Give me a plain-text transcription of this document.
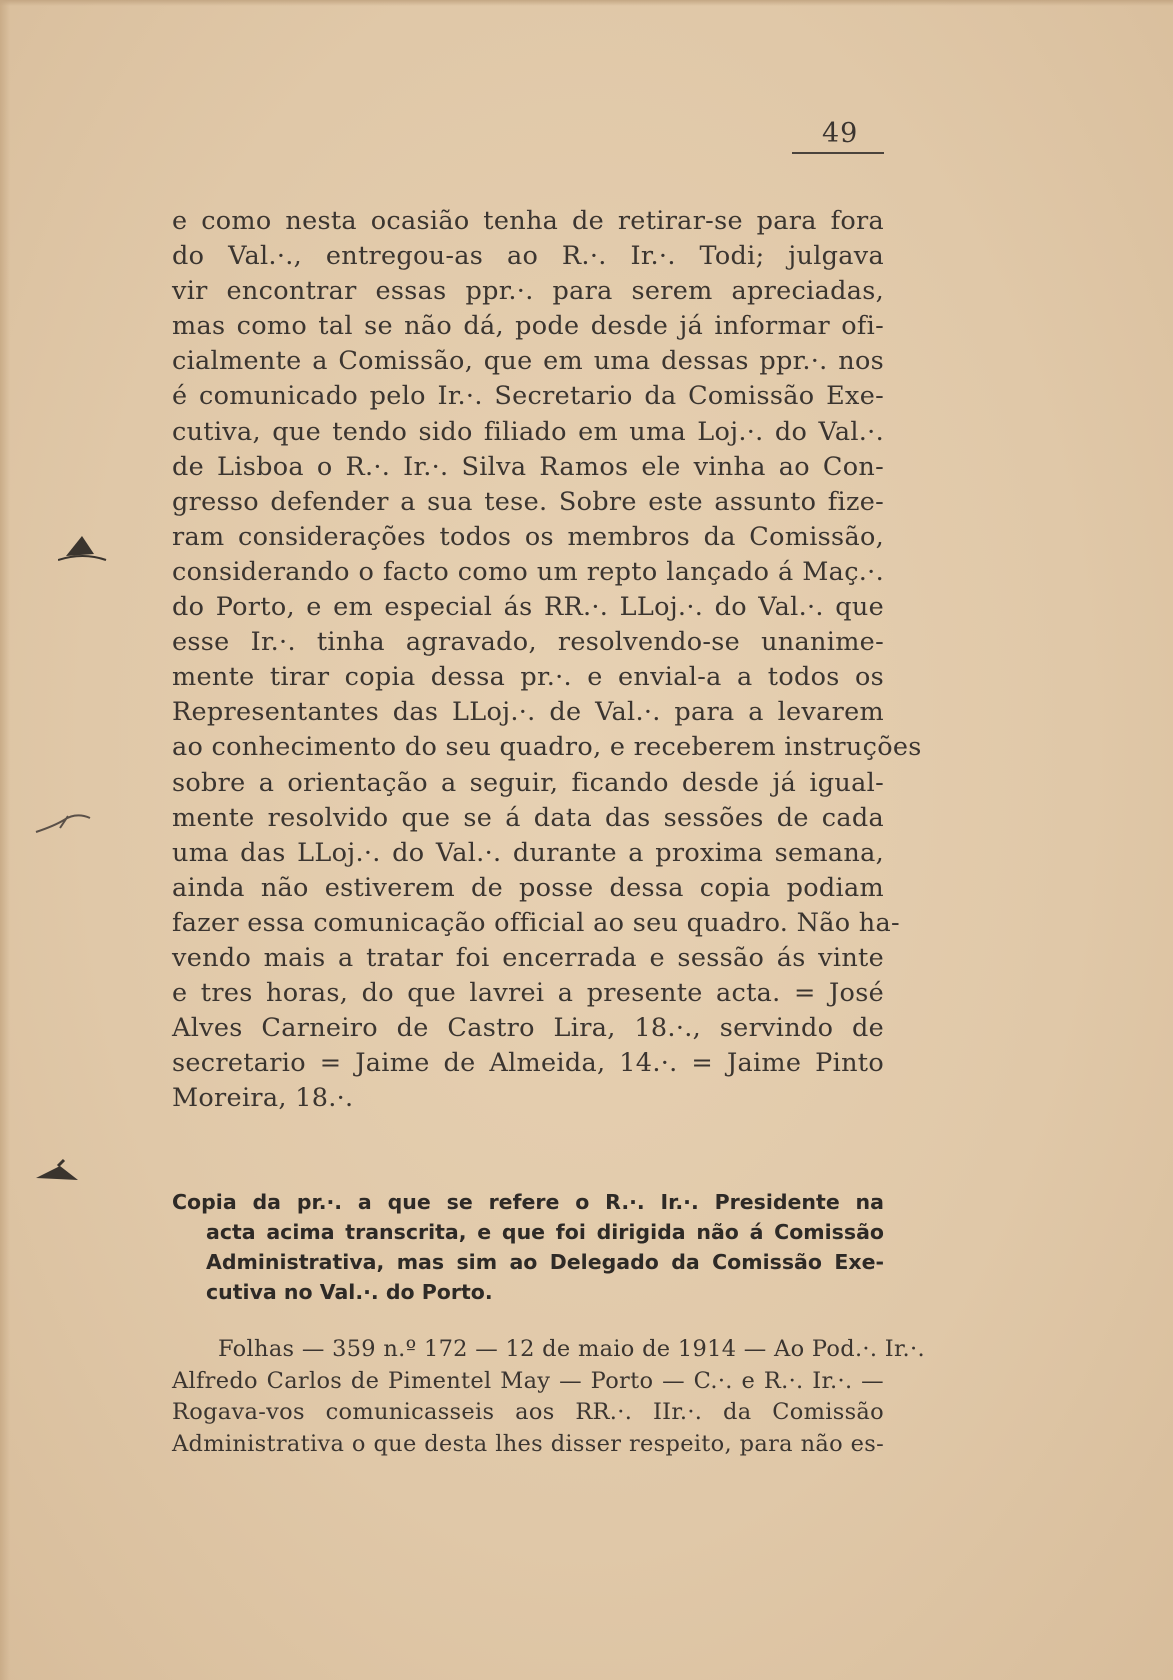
49
e como nesta ocasião tenha de retirar-se para fora
do Val.·., entregou-as ao R.·. Ir.·. Todi; julgava
vir encontrar essas ppr.·. para serem apreciadas,
mas como tal se não dá, pode desde já informar ofi-
cialmente a Comissão, que em uma dessas ppr.·. nos
é comunicado pelo Ir.·. Secretario da Comissão Exe-
cutiva, que tendo sido filiado em uma Loj.·. do Val.·.
de Lisboa o R.·. Ir.·. Silva Ramos ele vinha ao Con-
gresso defender a sua tese. Sobre este assunto fize-
ram considerações todos os membros da Comissão,
considerando o facto como um repto lançado á Maç.·.
do Porto, e em especial ás RR.·. LLoj.·. do Val.·. que
esse Ir.·. tinha agravado, resolvendo-se unanime-
mente tirar copia dessa pr.·. e envial-a a todos os
Representantes das LLoj.·. de Val.·. para a levarem
ao conhecimento do seu quadro, e receberem instruções
sobre a orientação a seguir, ficando desde já igual-
mente resolvido que se á data das sessões de cada
uma das LLoj.·. do Val.·. durante a proxima semana,
ainda não estiverem de posse dessa copia podiam
fazer essa comunicação official ao seu quadro. Não ha-
vendo mais a tratar foi encerrada e sessão ás vinte
e tres horas, do que lavrei a presente acta. = José
Alves Carneiro de Castro Lira, 18.·., servindo de
secretario = Jaime de Almeida, 14.·. = Jaime Pinto
Moreira, 18.·.
Copia da pr.·. a que se refere o R.·. Ir.·. Presidente na
acta acima transcrita, e que foi dirigida não á Comissão
Administrativa, mas sim ao Delegado da Comissão Exe-
cutiva no Val.·. do Porto.
Folhas — 359 n.º 172 — 12 de maio de 1914 — Ao Pod.·. Ir.·.
Alfredo Carlos de Pimentel May — Porto — C.·. e R.·. Ir.·. —
Rogava-vos comunicasseis aos RR.·. IIr.·. da Comissão
Administrativa o que desta lhes disser respeito, para não es-
